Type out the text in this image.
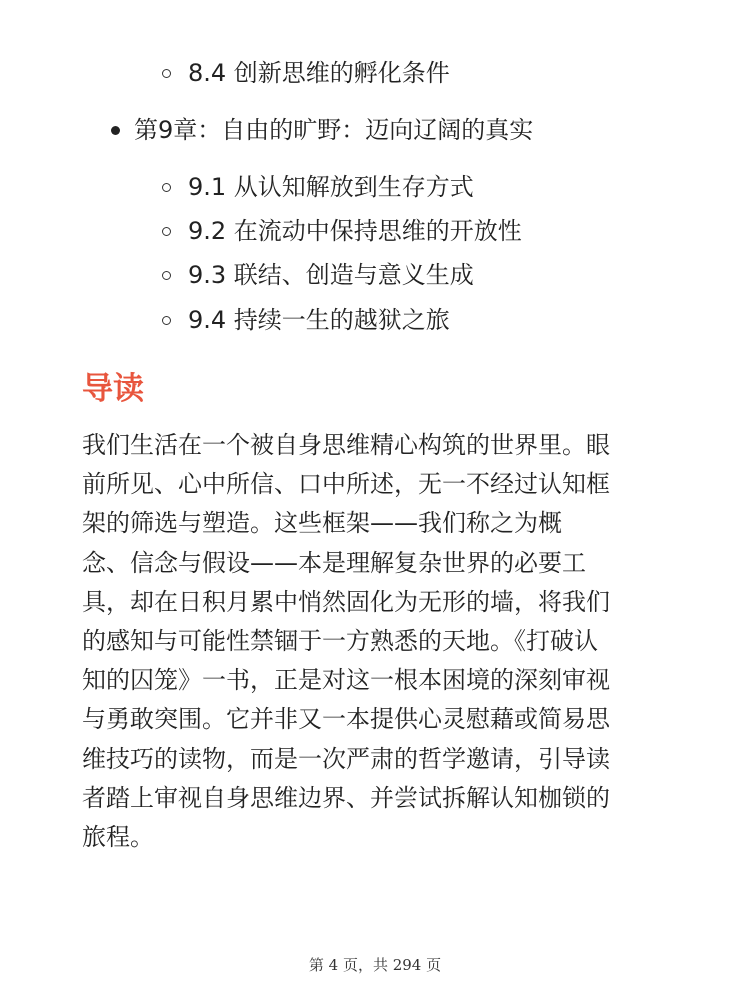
8.4 创新思维的孵化条件
第9章：自由的旷野：迈向辽阔的真实
9.1 从认知解放到生存方式
9.2 在流动中保持思维的开放性
9.3 联结、创造与意义生成
9.4 持续一生的越狱之旅
导读

我们生活在一个被自身思维精心构筑的世界里。眼
前所见、心中所信、口中所述，无一不经过认知框
架的筛选与塑造。这些框架——我们称之为概
念、信念与假设——本是理解复杂世界的必要工
具，却在日积月累中悄然固化为无形的墙，将我们
的感知与可能性禁锢于一方熟悉的天地。《打破认
知的囚笼》一书，正是对这一根本困境的深刻审视
与勇敢突围。它并非又一本提供心灵慰藉或简易思
维技巧的读物，而是一次严肃的哲学邀请，引导读
者踏上审视自身思维边界、并尝试拆解认知枷锁的
旅程。

第 4 页，共 294 页
